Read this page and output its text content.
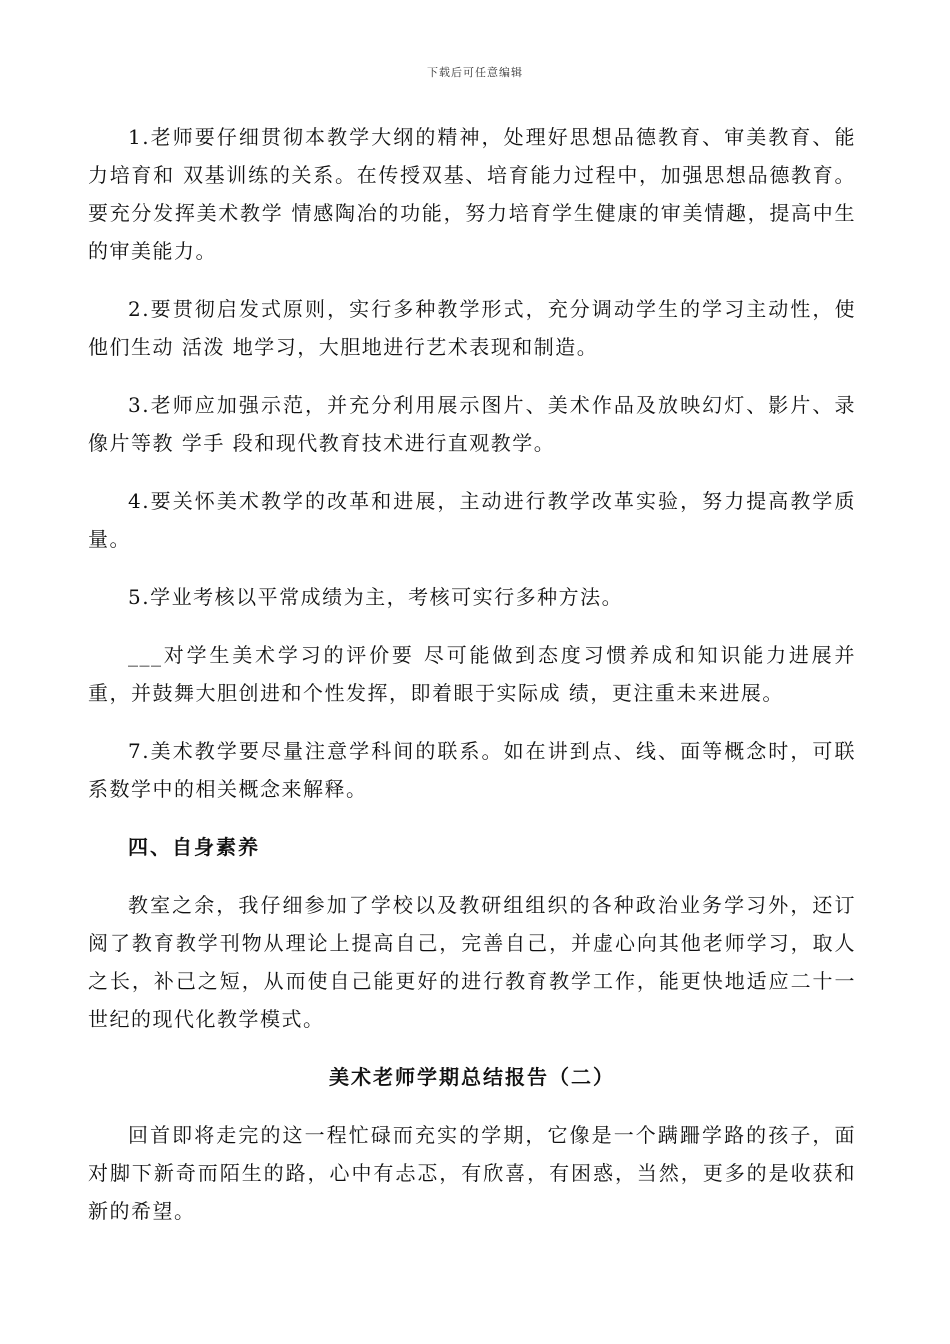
下载后可任意编辑

1.老师要仔细贯彻本教学大纲的精神，处理好思想品德教育、审美教育、能力培育和 双基训练的关系。在传授双基、培育能力过程中，加强思想品德教育。要充分发挥美术教学 情感陶冶的功能，努力培育学生健康的审美情趣，提高中生的审美能力。

2.要贯彻启发式原则，实行多种教学形式，充分调动学生的学习主动性，使他们生动 活泼 地学习，大胆地进行艺术表现和制造。

3.老师应加强示范，并充分利用展示图片、美术作品及放映幻灯、影片、录像片等教 学手 段和现代教育技术进行直观教学。

4.要关怀美术教学的改革和进展，主动进行教学改革实验，努力提高教学质量。

5.学业考核以平常成绩为主，考核可实行多种方法。

___对学生美术学习的评价要 尽可能做到态度习惯养成和知识能力进展并重，并鼓舞大胆创进和个性发挥，即着眼于实际成 绩，更注重未来进展。

7.美术教学要尽量注意学科间的联系。如在讲到点、线、面等概念时，可联系数学中的相关概念来解释。

四、自身素养

教室之余，我仔细参加了学校以及教研组组织的各种政治业务学习外，还订阅了教育教学刊物从理论上提高自己，完善自己，并虚心向其他老师学习，取人之长，补己之短，从而使自己能更好的进行教育教学工作，能更快地适应二十一世纪的现代化教学模式。

美术老师学期总结报告（二）

回首即将走完的这一程忙碌而充实的学期，它像是一个蹒跚学路的孩子，面对脚下新奇而陌生的路，心中有忐忑，有欣喜，有困惑，当然，更多的是收获和新的希望。
